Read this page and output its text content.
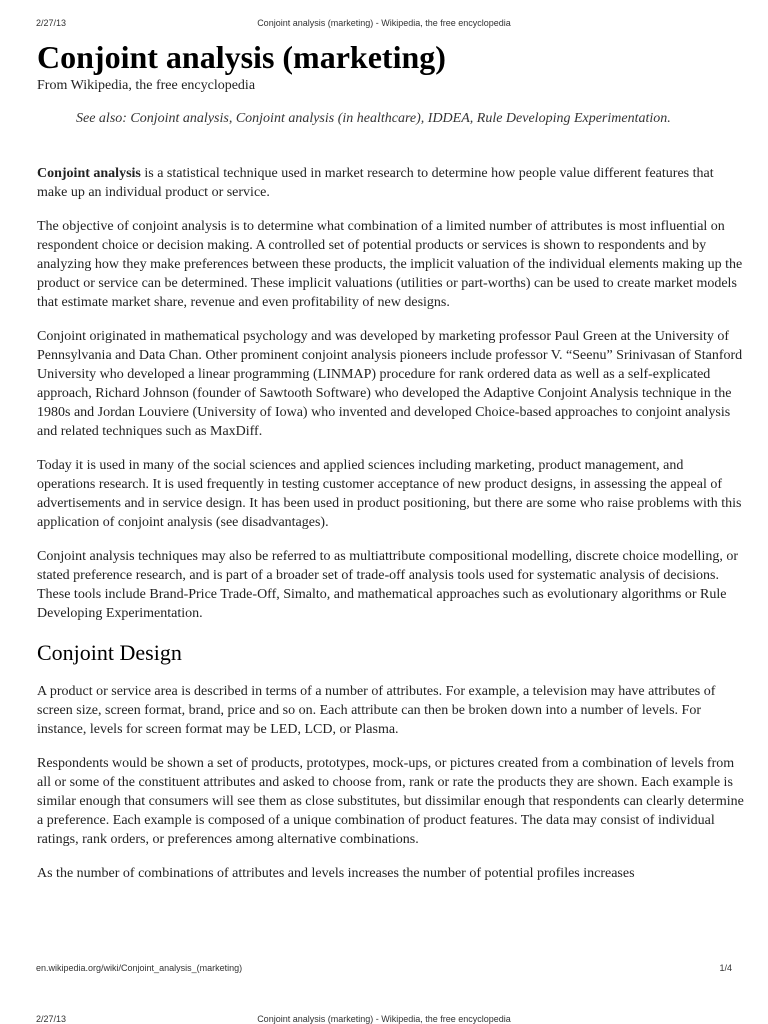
2/27/13	Conjoint analysis (marketing) - Wikipedia, the free encyclopedia
Conjoint analysis (marketing)
From Wikipedia, the free encyclopedia
See also: Conjoint analysis, Conjoint analysis (in healthcare), IDDEA, Rule Developing Experimentation.

Conjoint analysis is a statistical technique used in market research to determine how people value different features that make up an individual product or service.

The objective of conjoint analysis is to determine what combination of a limited number of attributes is most influential on respondent choice or decision making. A controlled set of potential products or services is shown to respondents and by analyzing how they make preferences between these products, the implicit valuation of the individual elements making up the product or service can be determined. These implicit valuations (utilities or part-worths) can be used to create market models that estimate market share, revenue and even profitability of new designs.

Conjoint originated in mathematical psychology and was developed by marketing professor Paul Green at the University of Pennsylvania and Data Chan. Other prominent conjoint analysis pioneers include professor V. “Seenu” Srinivasan of Stanford University who developed a linear programming (LINMAP) procedure for rank ordered data as well as a self-explicated approach, Richard Johnson (founder of Sawtooth Software) who developed the Adaptive Conjoint Analysis technique in the 1980s and Jordan Louviere (University of Iowa) who invented and developed Choice-based approaches to conjoint analysis and related techniques such as MaxDiff.

Today it is used in many of the social sciences and applied sciences including marketing, product management, and operations research. It is used frequently in testing customer acceptance of new product designs, in assessing the appeal of advertisements and in service design. It has been used in product positioning, but there are some who raise problems with this application of conjoint analysis (see disadvantages).

Conjoint analysis techniques may also be referred to as multiattribute compositional modelling, discrete choice modelling, or stated preference research, and is part of a broader set of trade-off analysis tools used for systematic analysis of decisions. These tools include Brand-Price Trade-Off, Simalto, and mathematical approaches such as evolutionary algorithms or Rule Developing Experimentation.

Conjoint Design

A product or service area is described in terms of a number of attributes. For example, a television may have attributes of screen size, screen format, brand, price and so on. Each attribute can then be broken down into a number of levels. For instance, levels for screen format may be LED, LCD, or Plasma.

Respondents would be shown a set of products, prototypes, mock-ups, or pictures created from a combination of levels from all or some of the constituent attributes and asked to choose from, rank or rate the products they are shown. Each example is similar enough that consumers will see them as close substitutes, but dissimilar enough that respondents can clearly determine a preference. Each example is composed of a unique combination of product features. The data may consist of individual ratings, rank orders, or preferences among alternative combinations.

As the number of combinations of attributes and levels increases the number of potential profiles increases

en.wikipedia.org/wiki/Conjoint_analysis_(marketing)	1/4
2/27/13	Conjoint analysis (marketing) - Wikipedia, the free encyclopedia
